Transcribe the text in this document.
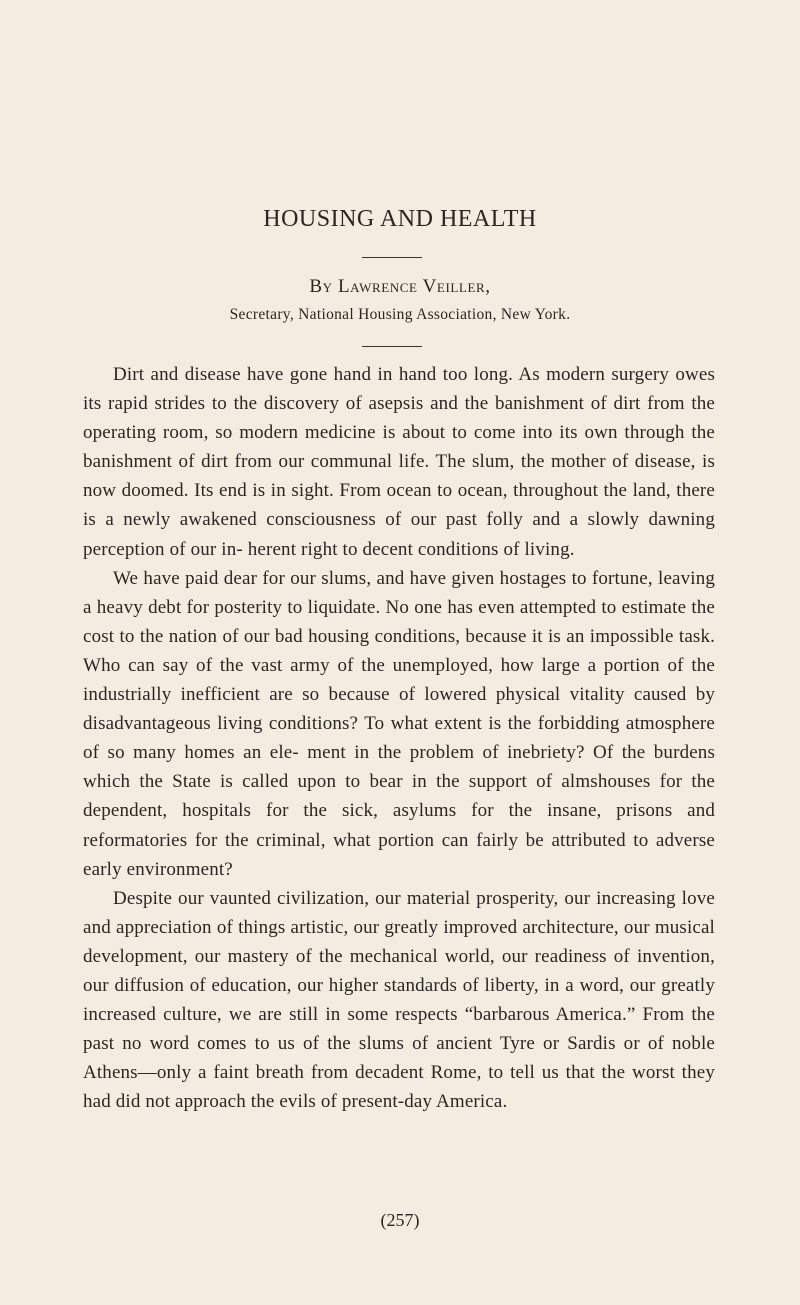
HOUSING AND HEALTH
By Lawrence Veiller,
Secretary, National Housing Association, New York.

Dirt and disease have gone hand in hand too long. As modern surgery owes its rapid strides to the discovery of asepsis and the banishment of dirt from the operating room, so modern medicine is about to come into its own through the banishment of dirt from our communal life. The slum, the mother of disease, is now doomed. Its end is in sight. From ocean to ocean, throughout the land, there is a newly awakened consciousness of our past folly and a slowly dawning perception of our in- herent right to decent conditions of living.

We have paid dear for our slums, and have given hostages to fortune, leaving a heavy debt for posterity to liquidate. No one has even attempted to estimate the cost to the nation of our bad housing conditions, because it is an impossible task. Who can say of the vast army of the unemployed, how large a portion of the industrially inefficient are so because of lowered physical vitality caused by disadvantageous living conditions? To what extent is the forbidding atmosphere of so many homes an ele- ment in the problem of inebriety? Of the burdens which the State is called upon to bear in the support of almshouses for the dependent, hospitals for the sick, asylums for the insane, prisons and reformatories for the criminal, what portion can fairly be attributed to adverse early environment?

Despite our vaunted civilization, our material prosperity, our increasing love and appreciation of things artistic, our greatly improved architecture, our musical development, our mastery of the mechanical world, our readiness of invention, our diffusion of education, our higher standards of liberty, in a word, our greatly increased culture, we are still in some respects “barbarous America.” From the past no word comes to us of the slums of ancient Tyre or Sardis or of noble Athens—only a faint breath from decadent Rome, to tell us that the worst they had did not approach the evils of present-day America.

(257)
